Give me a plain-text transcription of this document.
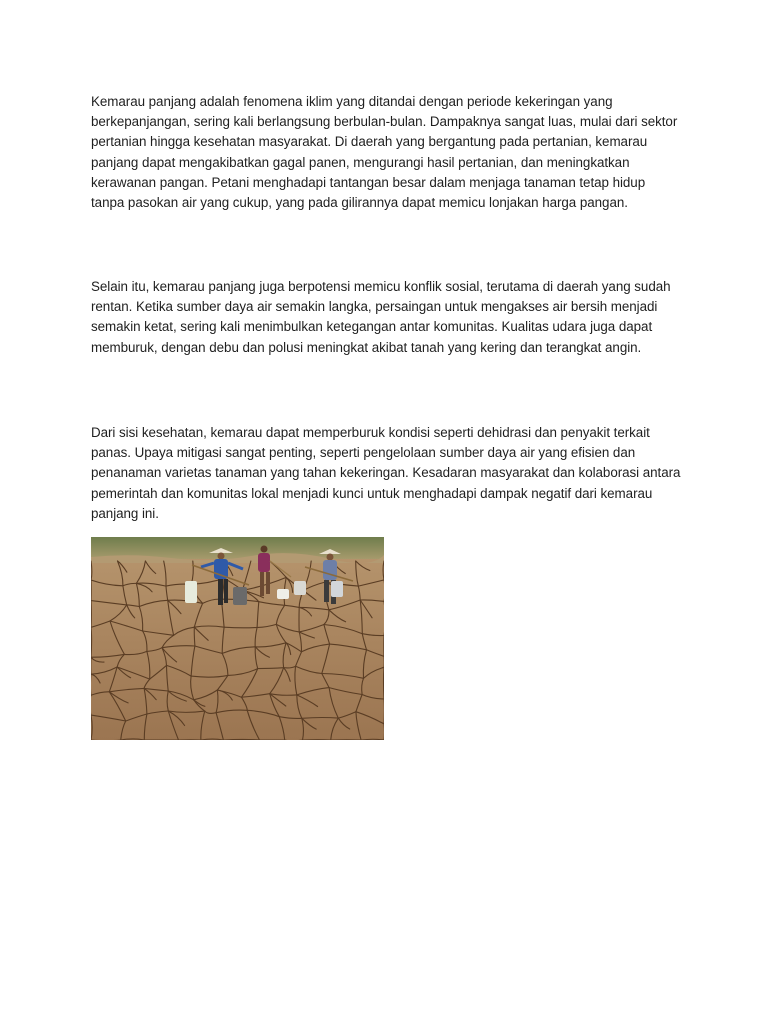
Kemarau panjang adalah fenomena iklim yang ditandai dengan periode kekeringan yang berkepanjangan, sering kali berlangsung berbulan-bulan. Dampaknya sangat luas, mulai dari sektor pertanian hingga kesehatan masyarakat. Di daerah yang bergantung pada pertanian, kemarau panjang dapat mengakibatkan gagal panen, mengurangi hasil pertanian, dan meningkatkan kerawanan pangan. Petani menghadapi tantangan besar dalam menjaga tanaman tetap hidup tanpa pasokan air yang cukup, yang pada gilirannya dapat memicu lonjakan harga pangan.

Selain itu, kemarau panjang juga berpotensi memicu konflik sosial, terutama di daerah yang sudah rentan. Ketika sumber daya air semakin langka, persaingan untuk mengakses air bersih menjadi semakin ketat, sering kali menimbulkan ketegangan antar komunitas. Kualitas udara juga dapat memburuk, dengan debu dan polusi meningkat akibat tanah yang kering dan terangkat angin.

Dari sisi kesehatan, kemarau dapat memperburuk kondisi seperti dehidrasi dan penyakit terkait panas. Upaya mitigasi sangat penting, seperti pengelolaan sumber daya air yang efisien dan penanaman varietas tanaman yang tahan kekeringan. Kesadaran masyarakat dan kolaborasi antara pemerintah dan komunitas lokal menjadi kunci untuk menghadapi dampak negatif dari kemarau panjang ini.
